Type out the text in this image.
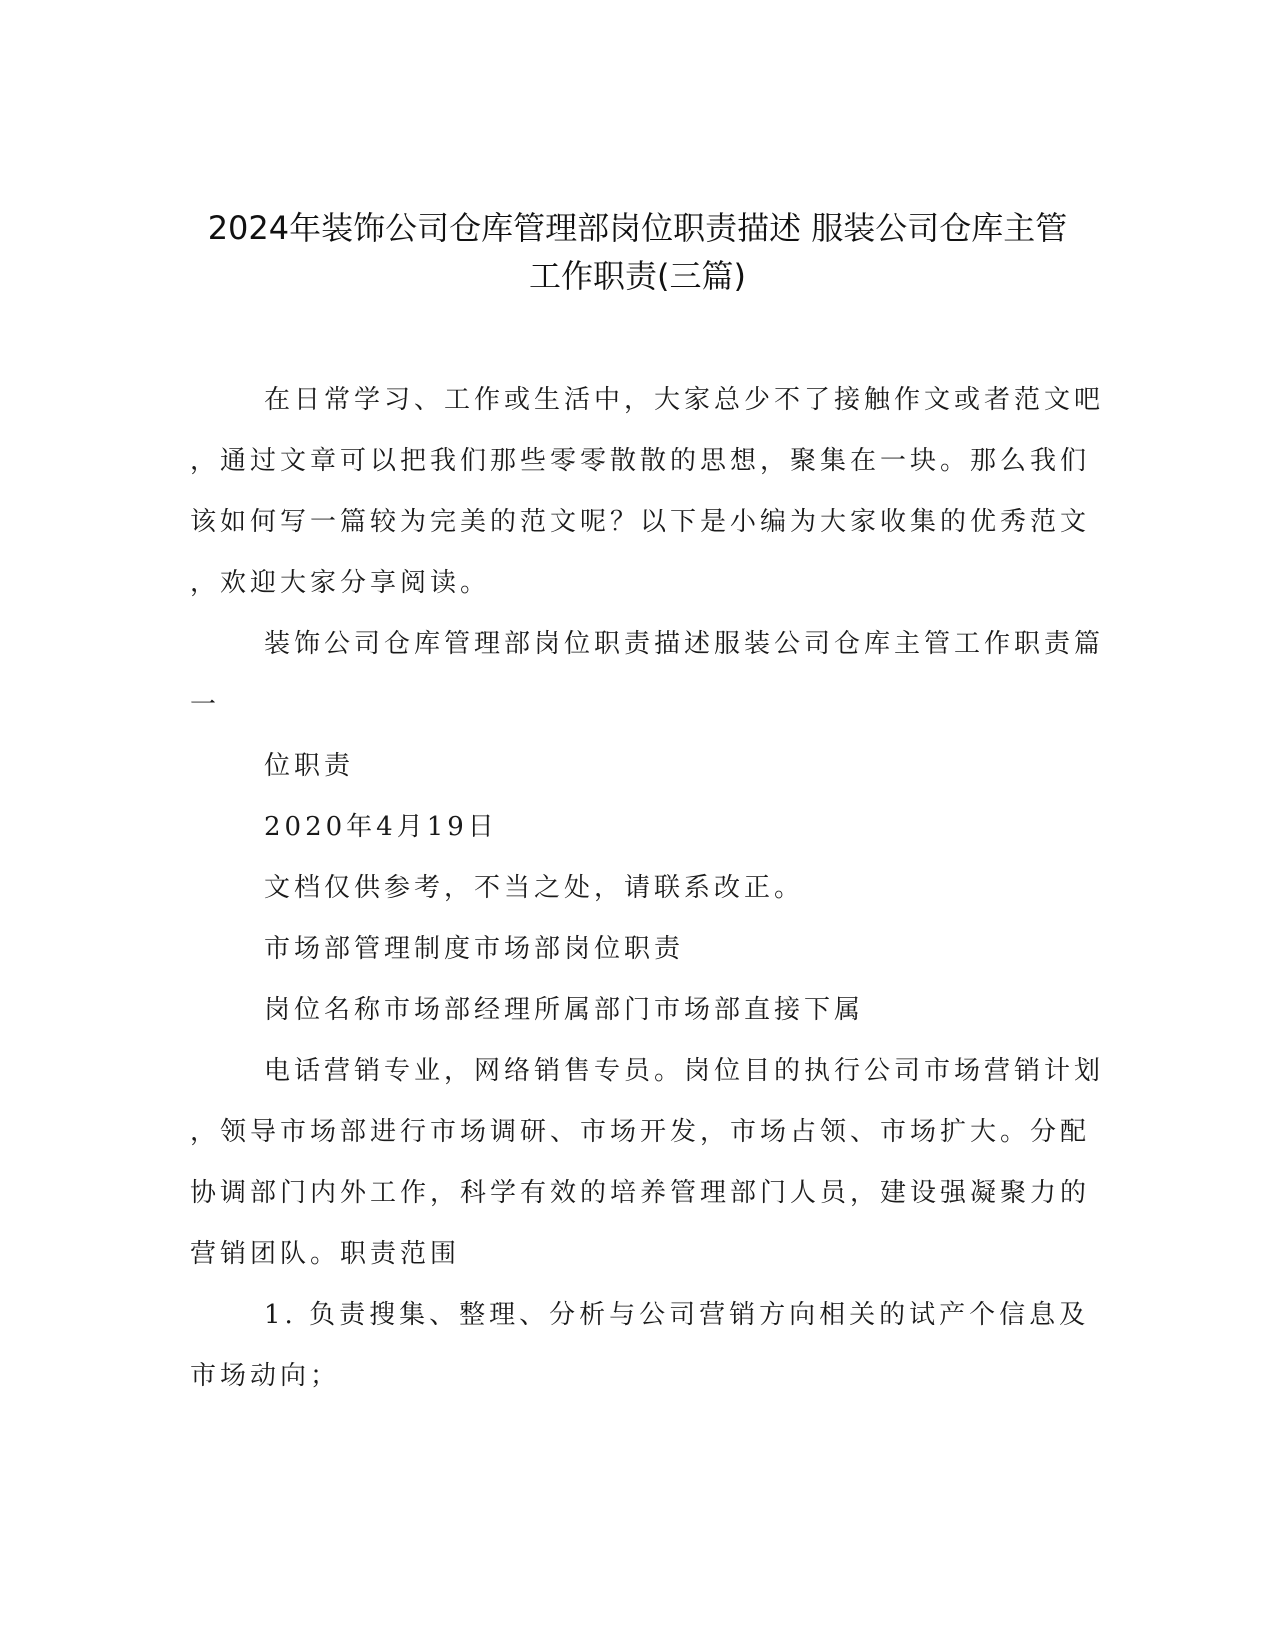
2024年装饰公司仓库管理部岗位职责描述 服装公司仓库主管
工作职责(三篇)
在日常学习、工作或生活中，大家总少不了接触作文或者范文吧
，通过文章可以把我们那些零零散散的思想，聚集在一块。那么我们
该如何写一篇较为完美的范文呢？以下是小编为大家收集的优秀范文
，欢迎大家分享阅读。
装饰公司仓库管理部岗位职责描述服装公司仓库主管工作职责篇
一
位职责
2020年4月19日
文档仅供参考，不当之处，请联系改正。
市场部管理制度市场部岗位职责
岗位名称市场部经理所属部门市场部直接下属
电话营销专业，网络销售专员。岗位目的执行公司市场营销计划
，领导市场部进行市场调研、市场开发，市场占领、市场扩大。分配
协调部门内外工作，科学有效的培养管理部门人员，建设强凝聚力的
营销团队。职责范围
1. 负责搜集、整理、分析与公司营销方向相关的试产个信息及
市场动向；
